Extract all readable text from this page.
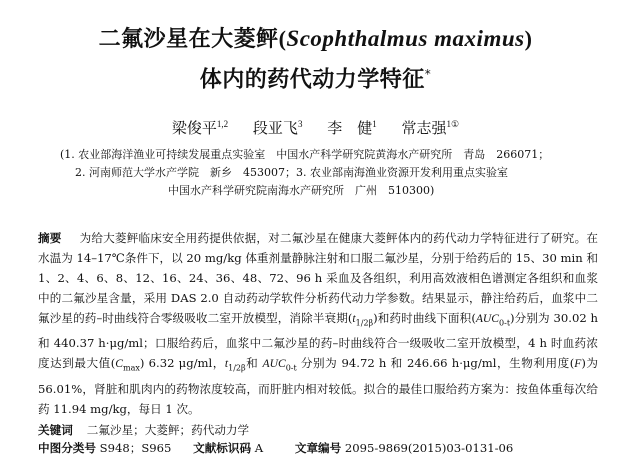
二氟沙星在大菱鲆(Scophthalmus maximus)
体内的药代动力学特征*
梁俊平$^{1,2}$ 段亚飞$^3$ 李　健$^1$ 常志强$^{1①}$
(1. 农业部海洋渔业可持续发展重点实验室　中国水产科学研究院黄海水产研究所　青岛　266071；
2. 河南师范大学水产学院　新乡　453007；3. 农业部南海渔业资源开发利用重点实验室
中国水产科学研究院南海水产研究所　广州　510300)
摘要 为给大菱鲆临床安全用药提供依据，对二氟沙星在健康大菱鲆体内的药代动力学特征进行了研究。在水温为 14–17℃条件下，以 20 mg/kg 体重剂量静脉注射和口服二氟沙星，分别于给药后的 15、30 min 和 1、2、4、6、8、12、16、24、36、48、72、96 h 采血及各组织，利用高效液相色谱测定各组织和血浆中的二氟沙星含量，采用 DAS 2.0 自动药动学软件分析药代动力学参数。结果显示，静注给药后，血浆中二氟沙星的药–时曲线符合零级吸收二室开放模型，消除半衰期$(t_{1/2\beta})$和药时曲线下面积$(AUC_{0-t})$分别为 30.02 h 和 440.37 h·μg/ml；口服给药后，血浆中二氟沙星的药–时曲线符合一级吸收二室开放模型，4 h 时血药浓度达到最大值$(C_{max})$ 6.32 μg/ml，$t_{1/2\beta}$和 $AUC_{0-t}$ 分别为 94.72 h 和 246.66 h·μg/ml，生物利用度(F)为 56.01%，肾脏和肌肉内的药物浓度较高，而肝脏内相对较低。拟合的最佳口服给药方案为：按鱼体重每次给药 11.94 mg/kg，每日 1 次。
关键词 二氟沙星；大菱鲆；药代动力学
中图分类号 S948；S965 文献标识码 A	文章编号 2095-9869(2015)03-0131-06
